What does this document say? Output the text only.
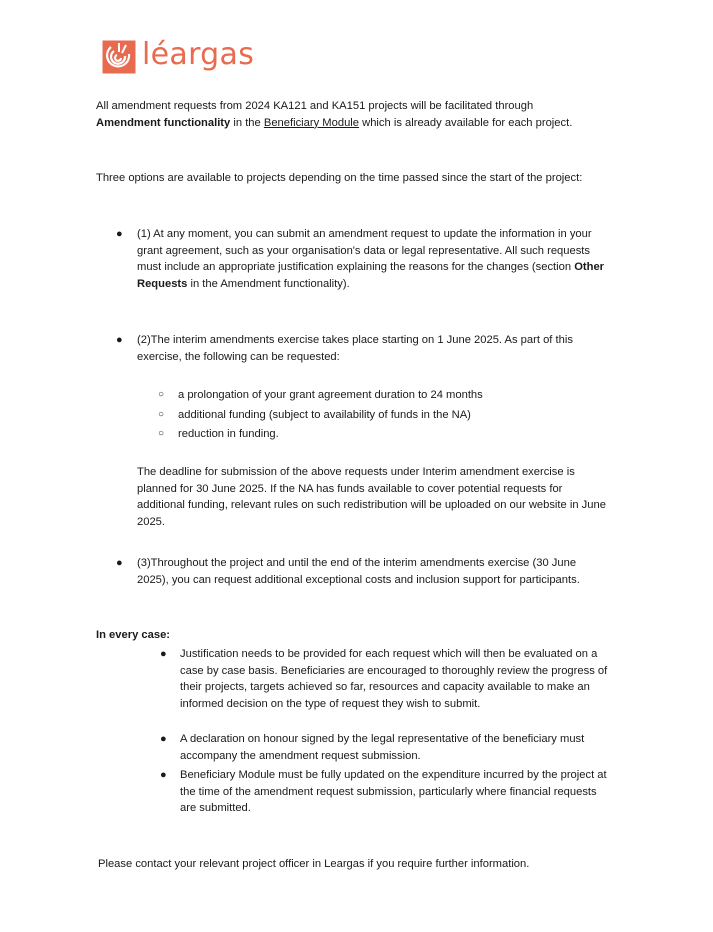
léargas
All amendment requests from 2024 KA121 and KA151 projects will be facilitated through
Amendment functionality in the Beneficiary Module which is already available for each project.
Three options are available to projects depending on the time passed since the start of the project:
● (1) At any moment, you can submit an amendment request to update the information in your grant agreement, such as your organisation's data or legal representative. All such requests must include an appropriate justification explaining the reasons for the changes (section Other Requests in the Amendment functionality).
● (2)The interim amendments exercise takes place starting on 1 June 2025. As part of this exercise, the following can be requested:
○ a prolongation of your grant agreement duration to 24 months
○ additional funding (subject to availability of funds in the NA)
○ reduction in funding.
The deadline for submission of the above requests under Interim amendment exercise is planned for 30 June 2025. If the NA has funds available to cover potential requests for additional funding, relevant rules on such redistribution will be uploaded on our website in June 2025.
● (3)Throughout the project and until the end of the interim amendments exercise (30 June 2025), you can request additional exceptional costs and inclusion support for participants.
In every case:
● Justification needs to be provided for each request which will then be evaluated on a case by case basis. Beneficiaries are encouraged to thoroughly review the progress of their projects, targets achieved so far, resources and capacity available to make an informed decision on the type of request they wish to submit.
● A declaration on honour signed by the legal representative of the beneficiary must accompany the amendment request submission.
● Beneficiary Module must be fully updated on the expenditure incurred by the project at the time of the amendment request submission, particularly where financial requests are submitted.
Please contact your relevant project officer in Leargas if you require further information.
